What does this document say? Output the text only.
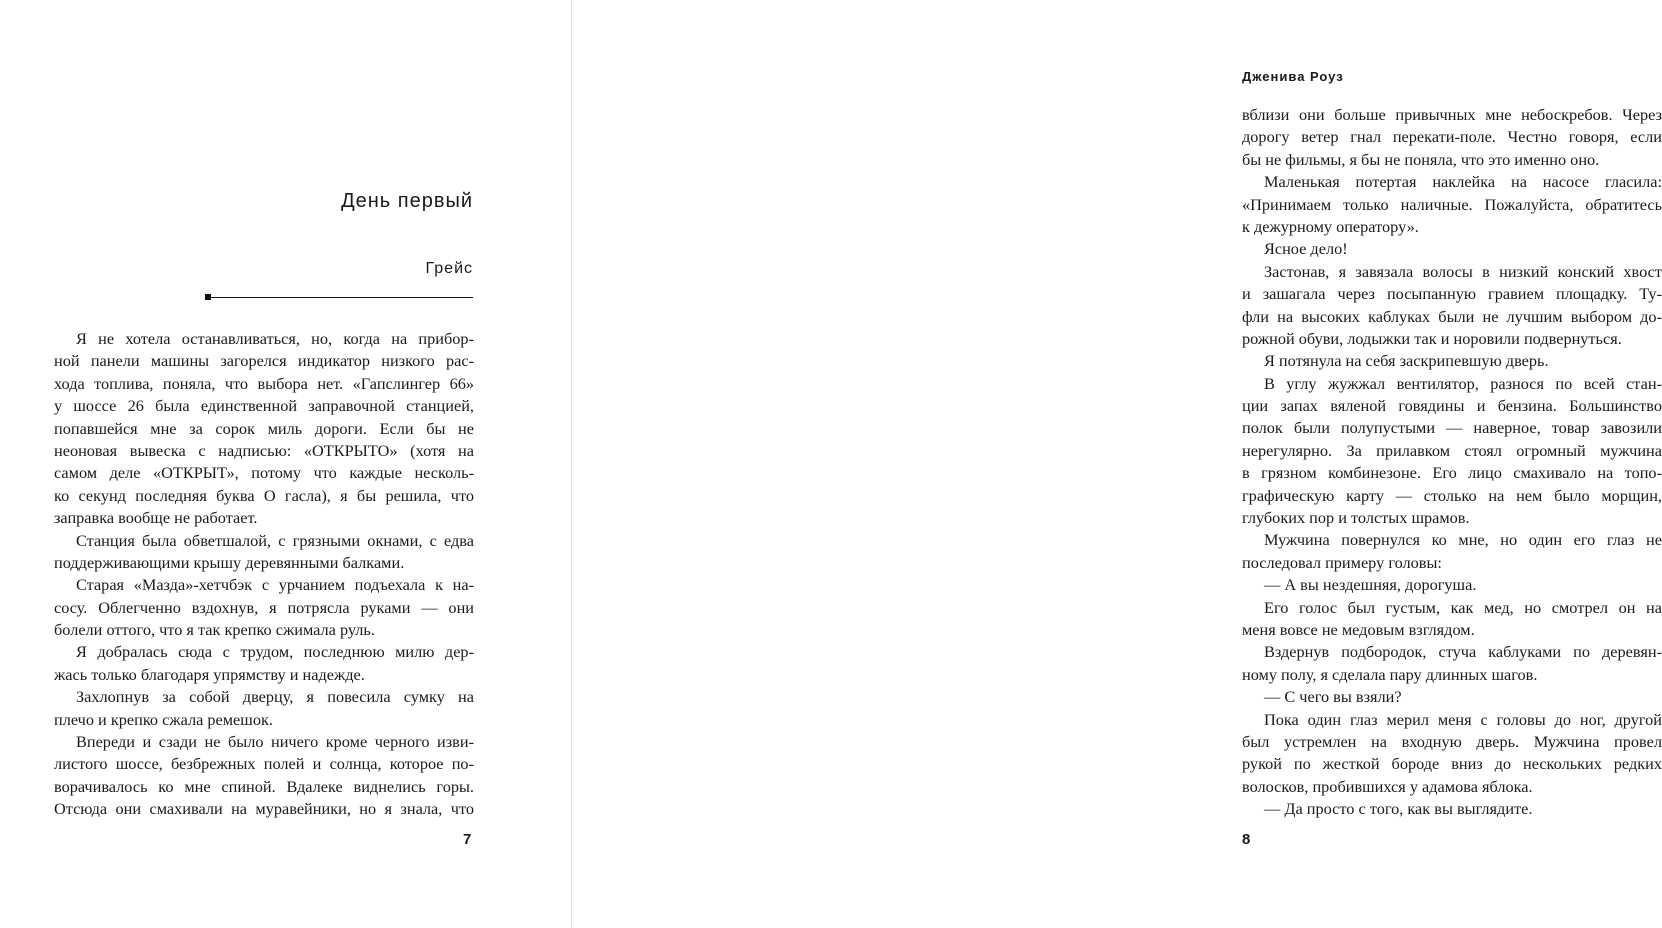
День первый
Грейс
Я не хотела останавливаться, но, когда на прибор-
ной панели машины загорелся индикатор низкого рас-
хода топлива, поняла, что выбора нет. «Гапслингер 66»
у шоссе 26 была единственной заправочной станцией,
попавшейся мне за сорок миль дороги. Если бы не
неоновая вывеска с надписью: «ОТКРЫТО» (хотя на
самом деле «ОТКРЫТ», потому что каждые несколь-
ко секунд последняя буква О гасла), я бы решила, что
заправка вообще не работает.
Станция была обветшалой, с грязными окнами, с едва
поддерживающими крышу деревянными балками.
Старая «Мазда»-хетчбэк с урчанием подъехала к на-
сосу. Облегченно вздохнув, я потрясла руками — они
болели оттого, что я так крепко сжимала руль.
Я добралась сюда с трудом, последнюю милю дер-
жась только благодаря упрямству и надежде.
Захлопнув за собой дверцу, я повесила сумку на
плечо и крепко сжала ремешок.
Впереди и сзади не было ничего кроме черного изви-
листого шоссе, безбрежных полей и солнца, которое по-
ворачивалось ко мне спиной. Вдалеке виднелись горы.
Отсюда они смахивали на муравейники, но я знала, что
7
Дженива Роуз
вблизи они больше привычных мне небоскребов. Через
дорогу ветер гнал перекати-поле. Честно говоря, если
бы не фильмы, я бы не поняла, что это именно оно.
Маленькая потертая наклейка на насосе гласила:
«Принимаем только наличные. Пожалуйста, обратитесь
к дежурному оператору».
Ясное дело!
Застонав, я завязала волосы в низкий конский хвост
и зашагала через посыпанную гравием площадку. Ту-
фли на высоких каблуках были не лучшим выбором до-
рожной обуви, лодыжки так и норовили подвернуться.
Я потянула на себя заскрипевшую дверь.
В углу жужжал вентилятор, разнося по всей стан-
ции запах вяленой говядины и бензина. Большинство
полок были полупустыми — наверное, товар завозили
нерегулярно. За прилавком стоял огромный мужчина
в грязном комбинезоне. Его лицо смахивало на топо-
графическую карту — столько на нем было морщин,
глубоких пор и толстых шрамов.
Мужчина повернулся ко мне, но один его глаз не
последовал примеру головы:
— А вы нездешняя, дорогуша.
Его голос был густым, как мед, но смотрел он на
меня вовсе не медовым взглядом.
Вздернув подбородок, стуча каблуками по деревян-
ному полу, я сделала пару длинных шагов.
— С чего вы взяли?
Пока один глаз мерил меня с головы до ног, другой
был устремлен на входную дверь. Мужчина провел
рукой по жесткой бороде вниз до нескольких редких
волосков, пробившихся у адамова яблока.
— Да просто с того, как вы выглядите.
8
